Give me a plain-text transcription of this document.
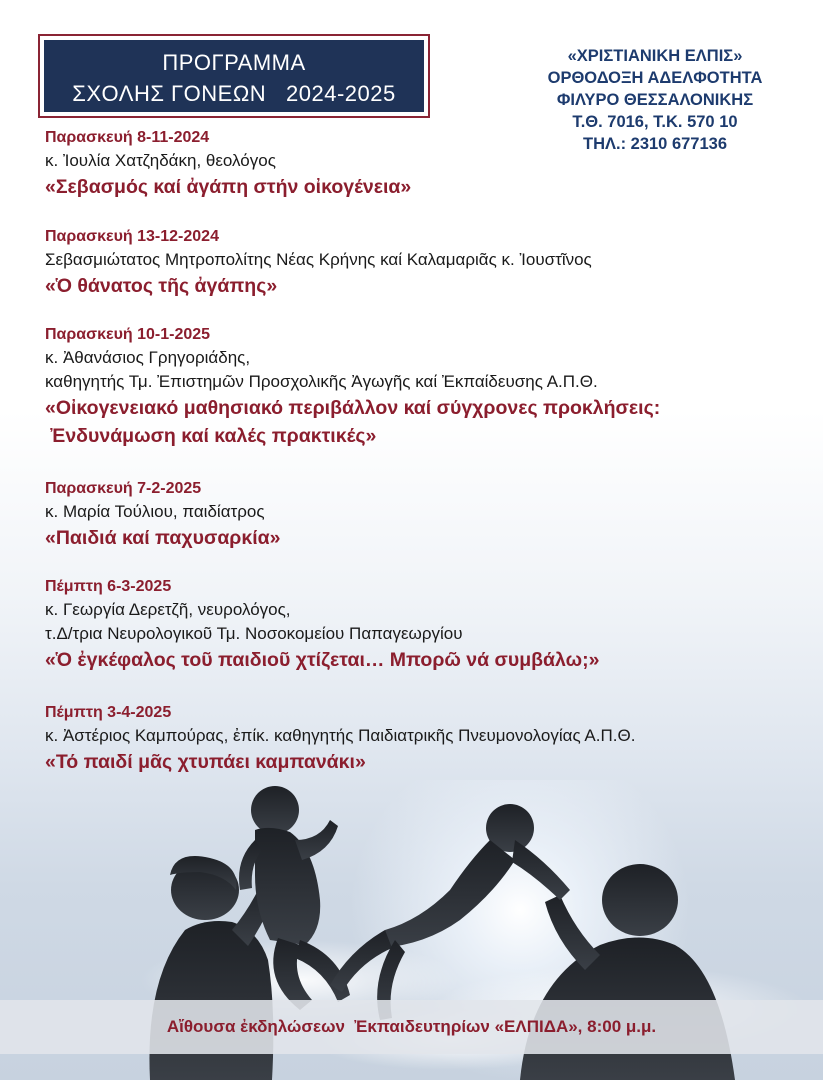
ΠΡΟΓΡΑΜΜΑ
ΣΧΟΛΗΣ ΓΟΝΕΩΝ   2024-2025
«ΧΡΙΣΤΙΑΝΙΚΗ ΕΛΠΙΣ»
ΟΡΘΟΔΟΞΗ ΑΔΕΛΦΟΤΗΤΑ
ΦΙΛΥΡΟ ΘΕΣΣΑΛΟΝΙΚΗΣ
Τ.Θ. 7016, Τ.Κ. 570 10
ΤΗΛ.: 2310 677136
Παρασκευή 8-11-2024
κ. Ἰουλία Χατζηδάκη, θεολόγος
«Σεβασμός καί ἀγάπη στήν οἰκογένεια»
Παρασκευή 13-12-2024
Σεβασμιώτατος Μητροπολίτης Νέας Κρήνης καί Καλαμαριᾶς κ. Ἰουστῖνος
«Ὁ θάνατος τῆς ἀγάπης»
Παρασκευή 10-1-2025
κ. Ἀθανάσιος Γρηγοριάδης,
καθηγητής Τμ. Ἐπιστημῶν Προσχολικῆς Ἀγωγῆς καί Ἐκπαίδευσης Α.Π.Θ.
«Οἰκογενειακό μαθησιακό περιβάλλον καί σύγχρονες προκλήσεις:
Ἐνδυνάμωση καί καλές πρακτικές»
Παρασκευή 7-2-2025
κ. Μαρία Τούλιου, παιδίατρος
«Παιδιά καί παχυσαρκία»
Πέμπτη 6-3-2025
κ. Γεωργία Δερετζῆ, νευρολόγος,
τ.Δ/τρια Νευρολογικοῦ Τμ. Νοσοκομείου Παπαγεωργίου
«Ὁ ἐγκέφαλος τοῦ παιδιοῦ χτίζεται… Μπορῶ νά συμβάλω;»
Πέμπτη 3-4-2025
κ. Ἀστέριος Καμπούρας, ἐπίκ. καθηγητής Παιδιατρικῆς Πνευμονολογίας Α.Π.Θ.
«Τό παιδί μᾶς χτυπάει καμπανάκι»
Αἴθουσα ἐκδηλώσεων  Ἐκπαιδευτηρίων «ΕΛΠΙΔΑ», 8:00 μ.μ.
